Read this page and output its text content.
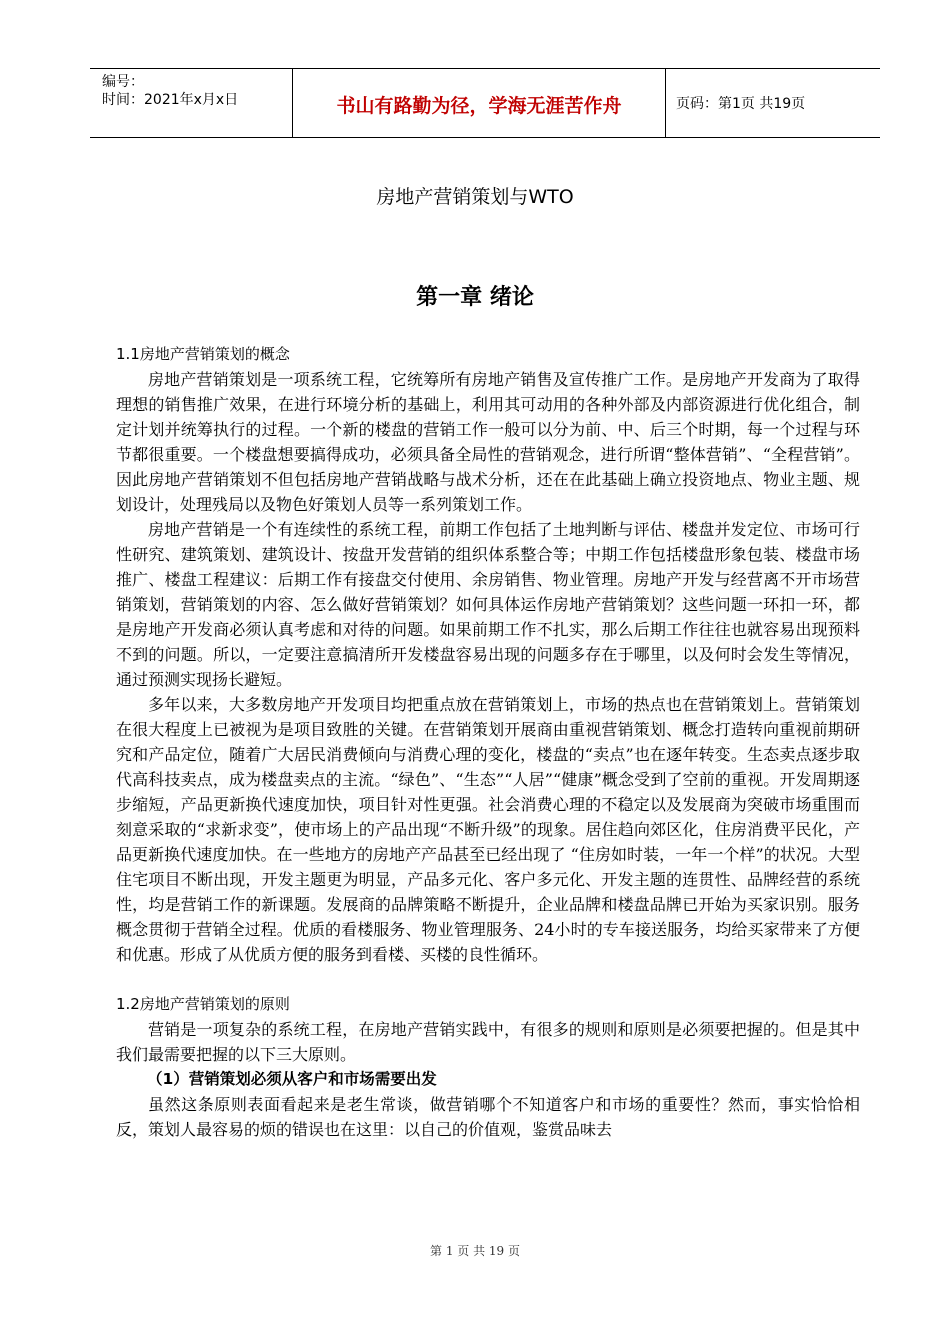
编号：
时间：2021年x月x日	书山有路勤为径，学海无涯苦作舟	页码：第1页 共19页
房地产营销策划与WTO
第一章 绪论

1.1房地产营销策划的概念

房地产营销策划是一项系统工程，它统筹所有房地产销售及宣传推广工作。是房地产开发商为了取得理想的销售推广效果，在进行环境分析的基础上，利用其可动用的各种外部及内部资源进行优化组合，制定计划并统筹执行的过程。一个新的楼盘的营销工作一般可以分为前、中、后三个时期，每一个过程与环节都很重要。一个楼盘想要搞得成功，必须具备全局性的营销观念，进行所谓“整体营销”、“全程营销”。因此房地产营销策划不但包括房地产营销战略与战术分析，还在在此基础上确立投资地点、物业主题、规划设计，处理残局以及物色好策划人员等一系列策划工作。

房地产营销是一个有连续性的系统工程，前期工作包括了土地判断与评估、楼盘并发定位、市场可行性研究、建筑策划、建筑设计、按盘开发营销的组织体系整合等；中期工作包括楼盘形象包装、楼盘市场推广、楼盘工程建议：后期工作有接盘交付使用、余房销售、物业管理。房地产开发与经营离不开市场营销策划，营销策划的内容、怎么做好营销策划？如何具体运作房地产营销策划？这些问题一环扣一环，都是房地产开发商必须认真考虑和对待的问题。如果前期工作不扎实，那么后期工作往往也就容易出现预料不到的问题。所以，一定要注意搞清所开发楼盘容易出现的问题多存在于哪里，以及何时会发生等情况，通过预测实现扬长避短。

多年以来，大多数房地产开发项目均把重点放在营销策划上，市场的热点也在营销策划上。营销策划在很大程度上已被视为是项目致胜的关键。在营销策划开展商由重视营销策划、概念打造转向重视前期研究和产品定位，随着广大居民消费倾向与消费心理的变化，楼盘的“卖点”也在逐年转变。生态卖点逐步取代高科技卖点，成为楼盘卖点的主流。“绿色”、“生态”“人居”“健康”概念受到了空前的重视。开发周期逐步缩短，产品更新换代速度加快，项目针对性更强。社会消费心理的不稳定以及发展商为突破市场重围而刻意采取的“求新求变”，使市场上的产品出现“不断升级”的现象。居住趋向郊区化，住房消费平民化，产品更新换代速度加快。在一些地方的房地产产品甚至已经出现了 “住房如时装，一年一个样”的状况。大型住宅项目不断出现，开发主题更为明显，产品多元化、客户多元化、开发主题的连贯性、品牌经营的系统性，均是营销工作的新课题。发展商的品牌策略不断提升，企业品牌和楼盘品牌已开始为买家识别。服务概念贯彻于营销全过程。优质的看楼服务、物业管理服务、24小时的专车接送服务，均给买家带来了方便和优惠。形成了从优质方便的服务到看楼、买楼的良性循环。

1.2房地产营销策划的原则

营销是一项复杂的系统工程，在房地产营销实践中，有很多的规则和原则是必须要把握的。但是其中我们最需要把握的以下三大原则。

（1）营销策划必须从客户和市场需要出发

虽然这条原则表面看起来是老生常谈，做营销哪个不知道客户和市场的重要性？然而，事实恰恰相反，策划人最容易的烦的错误也在这里：以自己的价值观，鉴赏品味去

第 1 页 共 19 页
